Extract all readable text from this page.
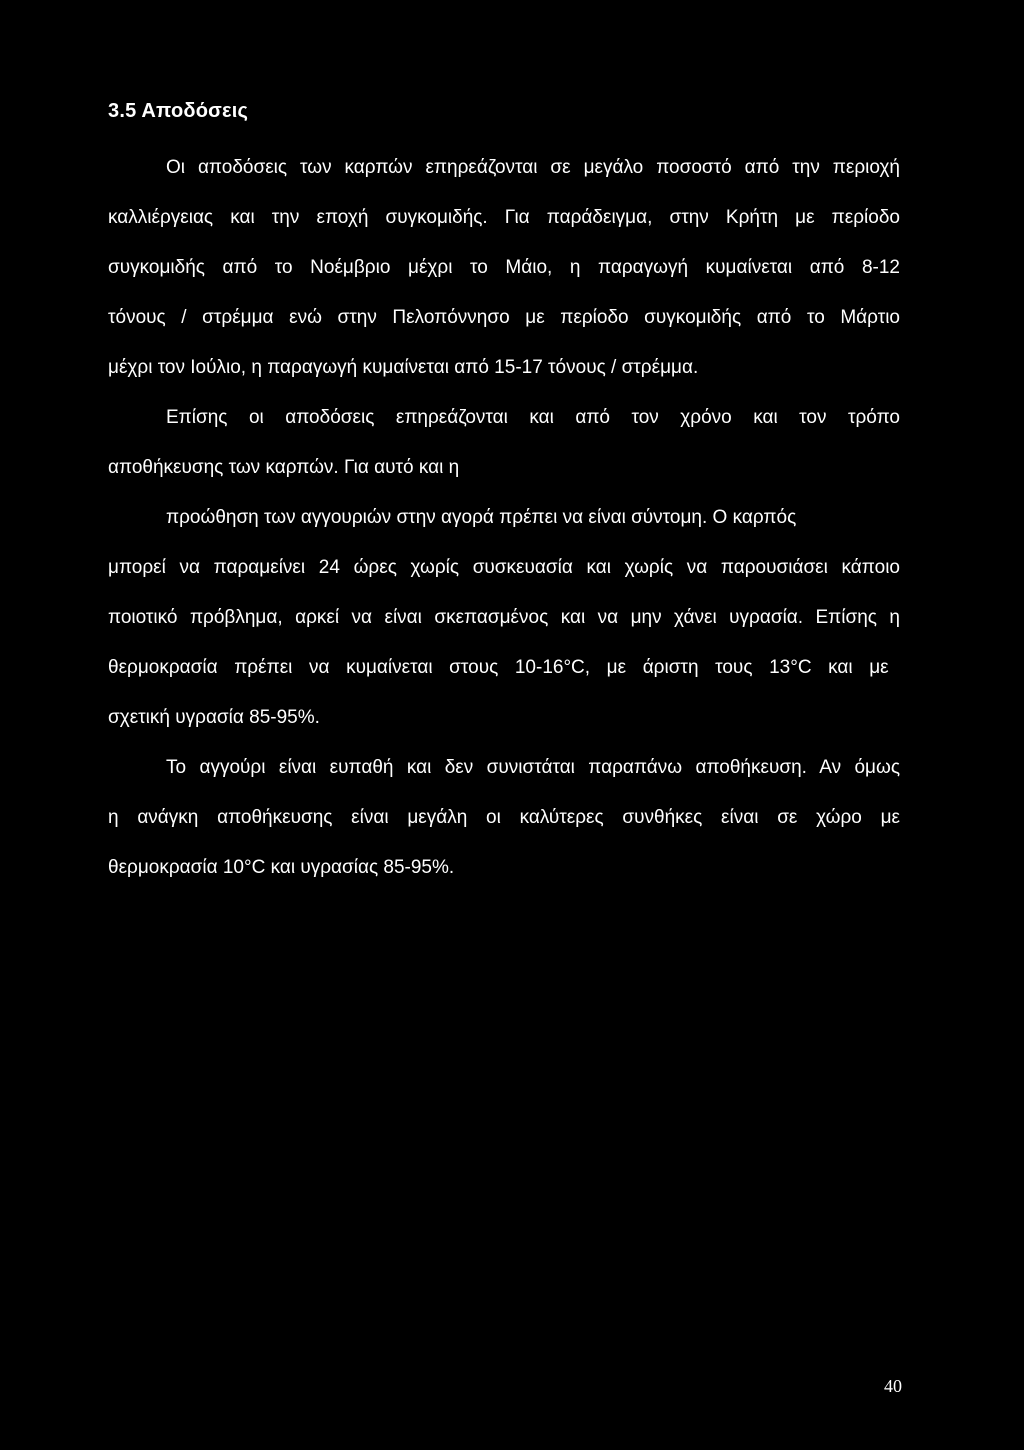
3.5 Αποδόσεις
Οι αποδόσεις των καρπών επηρεάζονται σε μεγάλο ποσοστό από την περιοχή
καλλιέργειας και την εποχή συγκομιδής. Για παράδειγμα, στην Κρήτη με περίοδο
συγκομιδής από το Νοέμβριο μέχρι το Μάιο, η παραγωγή κυμαίνεται από 8-12
τόνους / στρέμμα ενώ στην Πελοπόννησο με περίοδο συγκομιδής από το Μάρτιο
μέχρι τον Ιούλιο, η παραγωγή κυμαίνεται από 15-17 τόνους / στρέμμα.
Επίσης οι αποδόσεις επηρεάζονται και από τον χρόνο και τον τρόπο
αποθήκευσης των καρπών. Για αυτό και η
προώθηση των αγγουριών στην αγορά πρέπει να είναι σύντομη. Ο καρπός
μπορεί να παραμείνει 24 ώρες χωρίς συσκευασία και χωρίς να παρουσιάσει κάποιο
ποιοτικό πρόβλημα, αρκεί να είναι σκεπασμένος και να μην χάνει υγρασία. Επίσης η
θερμοκρασία πρέπει να κυμαίνεται στους 10-16°C, με άριστη τους 13°C και με
σχετική υγρασία 85-95%.
Το αγγούρι είναι ευπαθή και δεν συνιστάται παραπάνω αποθήκευση. Αν όμως
η ανάγκη αποθήκευσης είναι μεγάλη οι καλύτερες συνθήκες είναι σε χώρο με
θερμοκρασία 10°C και υγρασίας 85-95%.
40
